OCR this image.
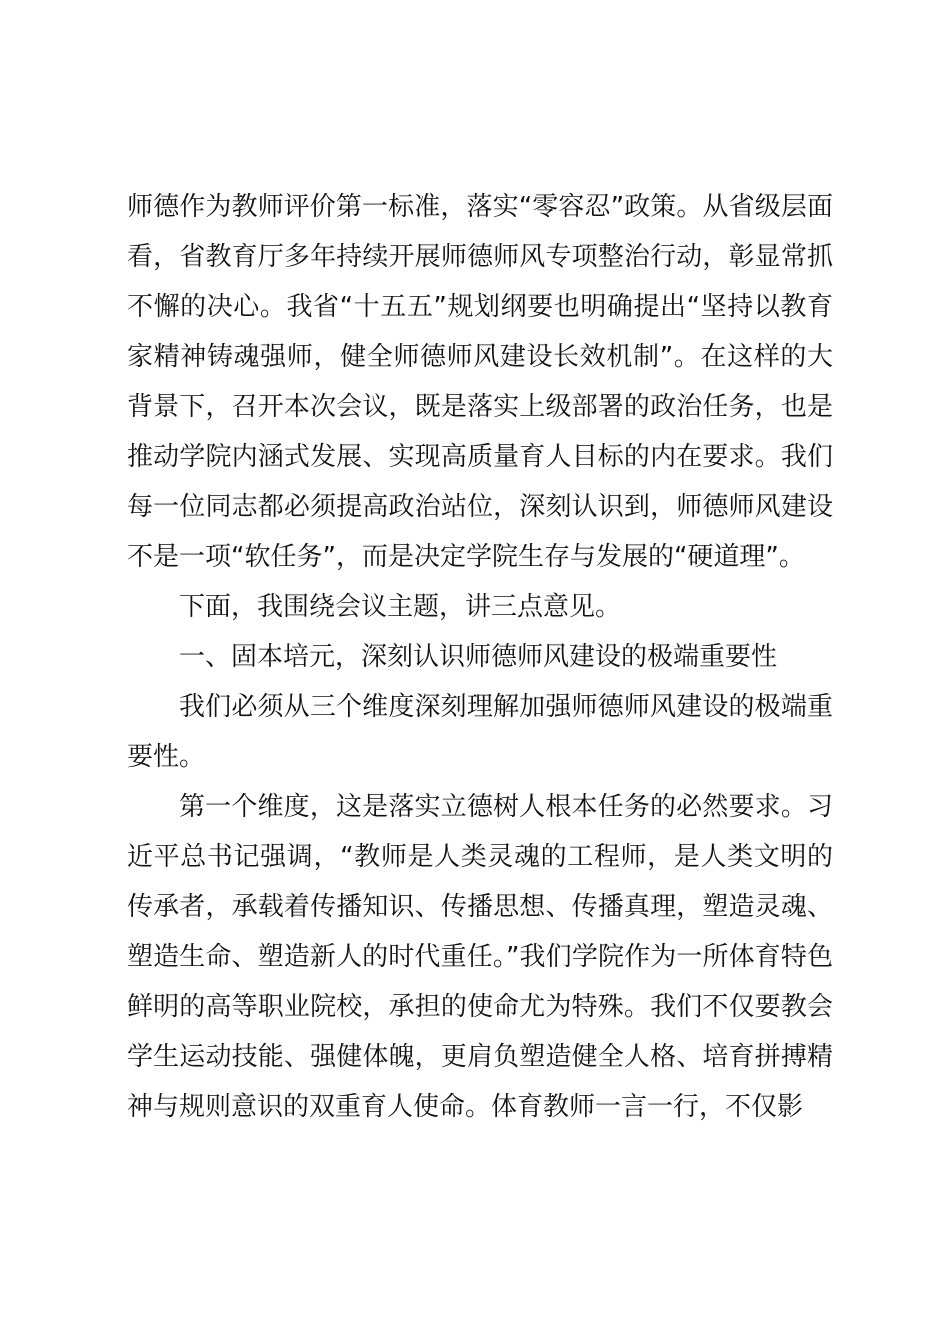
师德作为教师评价第一标准，落实“零容忍”政策。从省级层面看，省教育厅多年持续开展师德师风专项整治行动，彰显常抓不懈的决心。我省“十五五”规划纲要也明确提出“坚持以教育家精神铸魂强师，健全师德师风建设长效机制”。在这样的大背景下，召开本次会议，既是落实上级部署的政治任务，也是推动学院内涵式发展、实现高质量育人目标的内在要求。我们每一位同志都必须提高政治站位，深刻认识到，师德师风建设不是一项“软任务”，而是决定学院生存与发展的“硬道理”。

下面，我围绕会议主题，讲三点意见。

一、固本培元，深刻认识师德师风建设的极端重要性

我们必须从三个维度深刻理解加强师德师风建设的极端重要性。

第一个维度，这是落实立德树人根本任务的必然要求。习近平总书记强调，“教师是人类灵魂的工程师，是人类文明的传承者，承载着传播知识、传播思想、传播真理，塑造灵魂、塑造生命、塑造新人的时代重任。”我们学院作为一所体育特色鲜明的高等职业院校，承担的使命尤为特殊。我们不仅要教会学生运动技能、强健体魄，更肩负塑造健全人格、培育拼搏精神与规则意识的双重育人使命。体育教师一言一行，不仅影
